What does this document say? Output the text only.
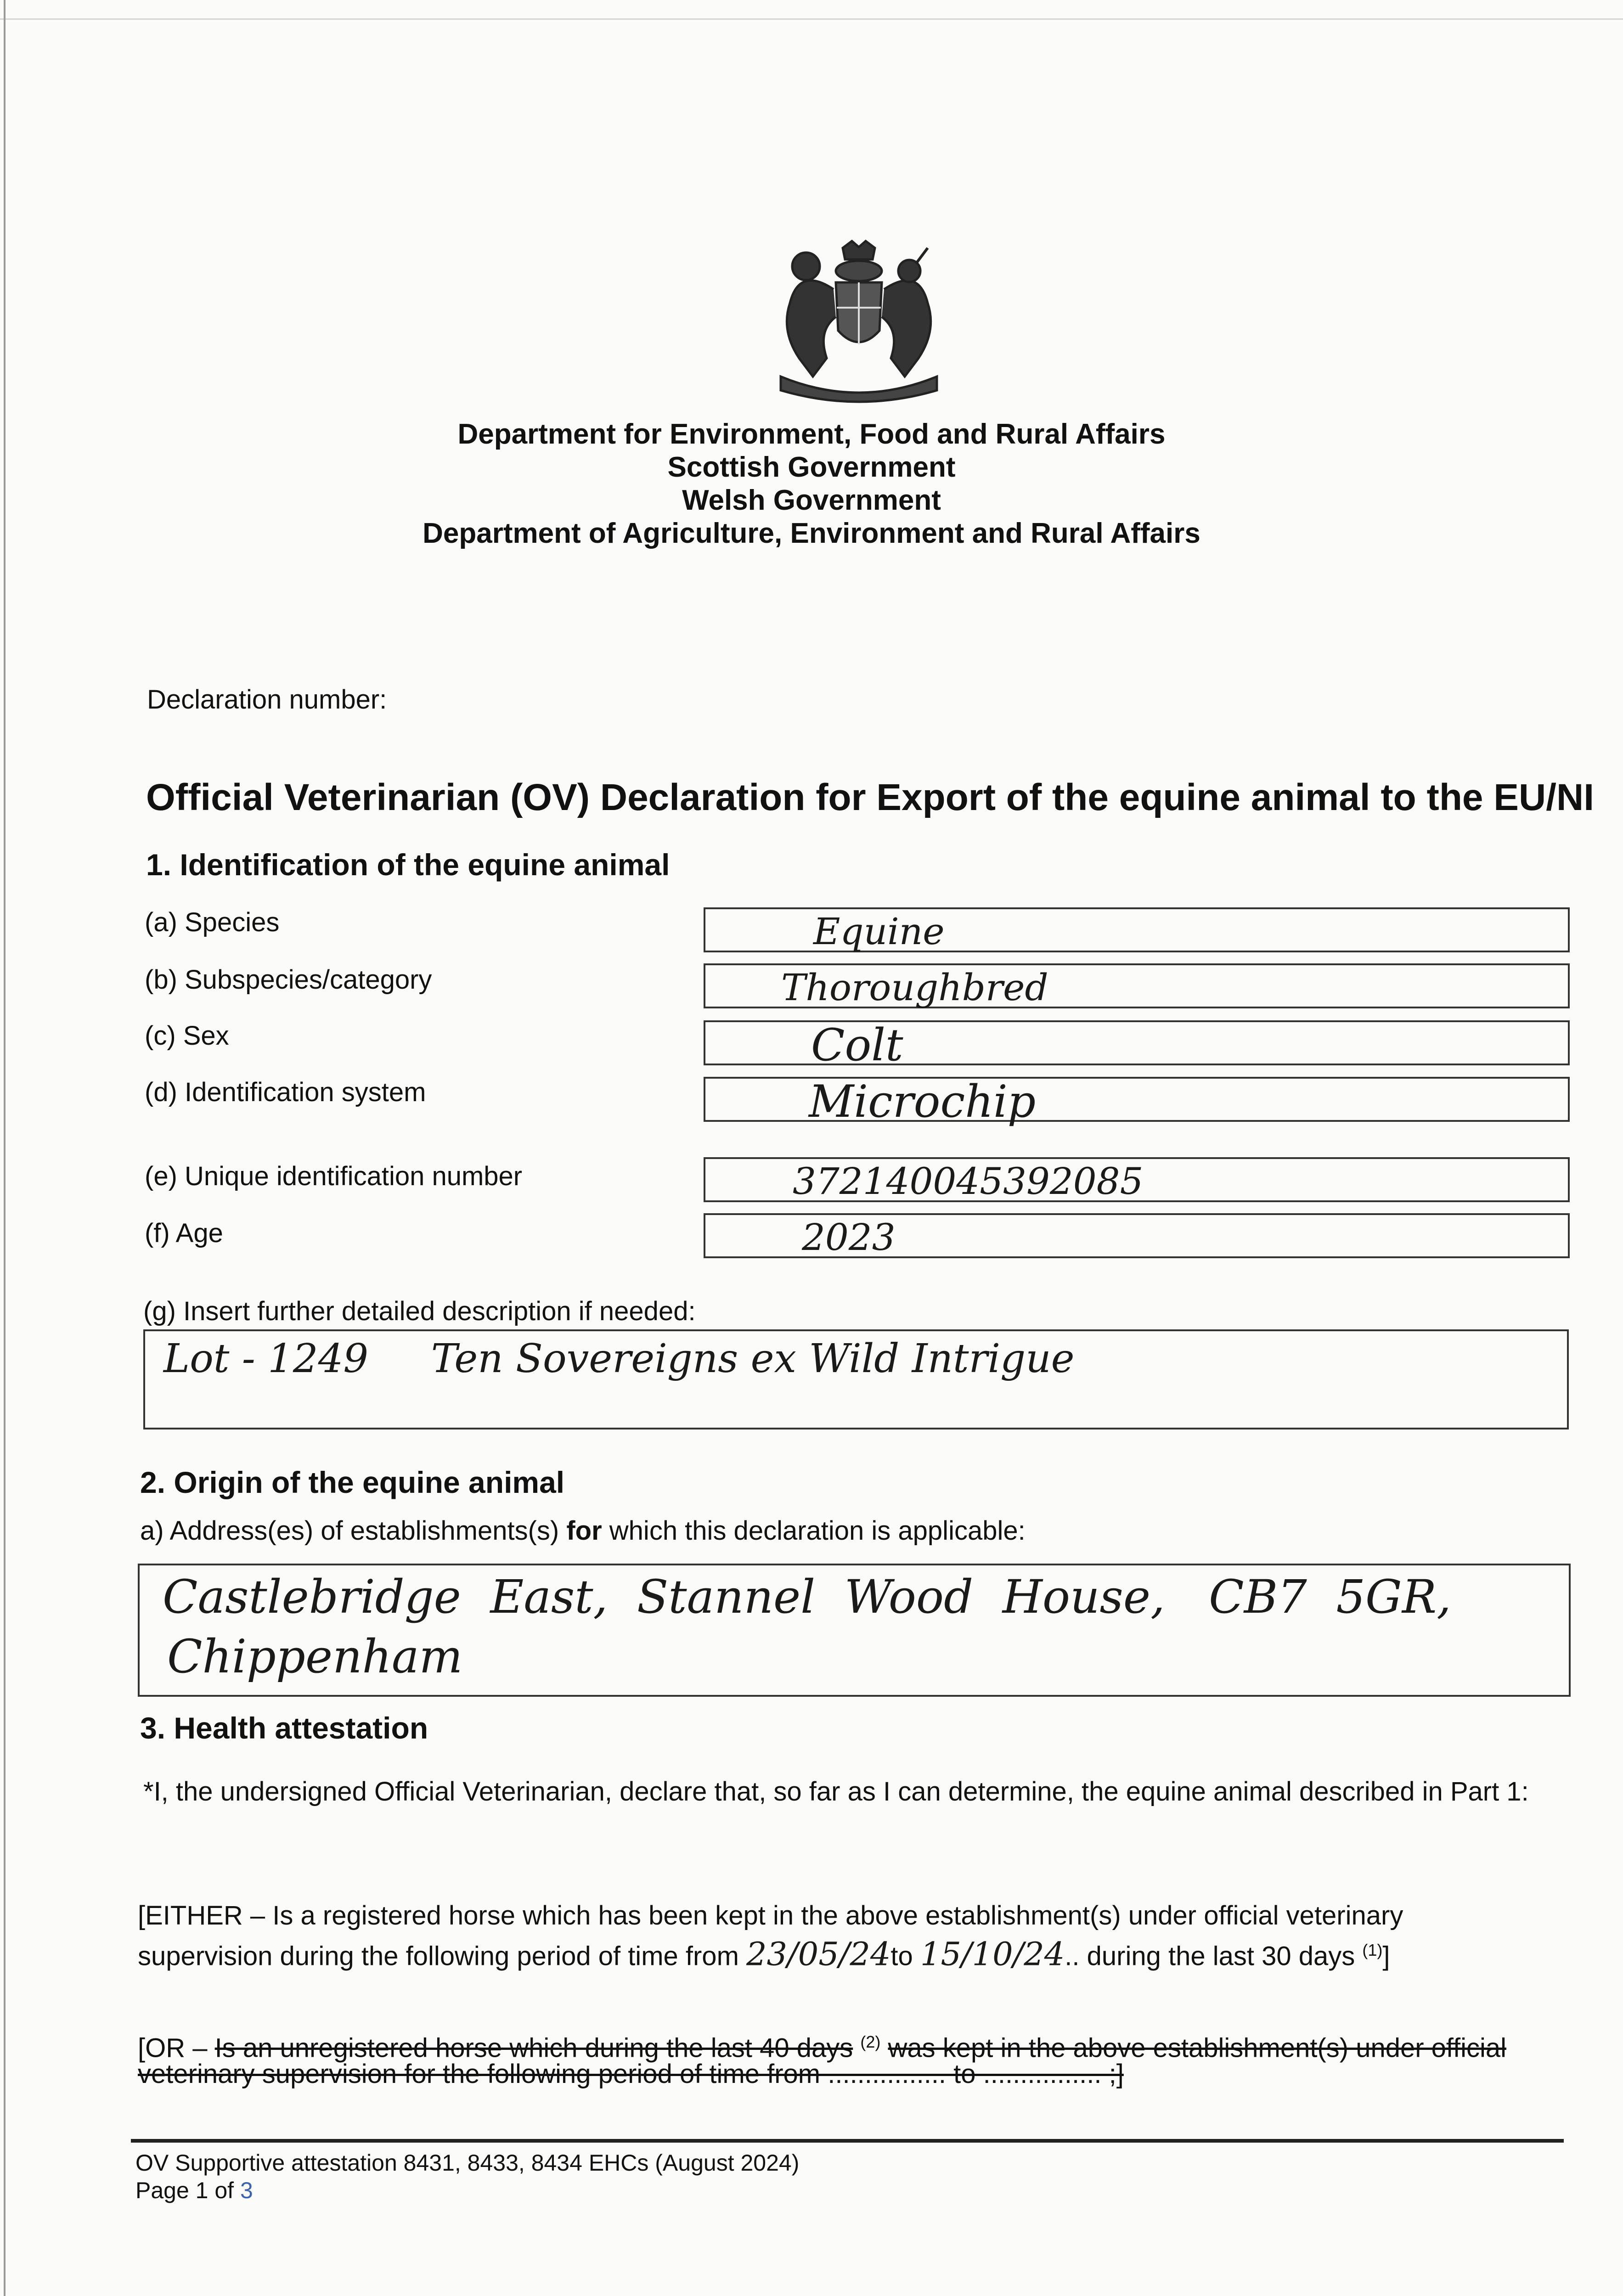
Department for Environment, Food and Rural Affairs
Scottish Government
Welsh Government
Department of Agriculture, Environment and Rural Affairs
Declaration number:
Official Veterinarian (OV) Declaration for Export of the equine animal to the EU/NI
1. Identification of the equine animal
(a) Species	Equine
(b) Subspecies/category	Thoroughbred
(c) Sex	Colt
(d) Identification system	Microchip
(e) Unique identification number	372140045392085
(f) Age	2023
(g) Insert further detailed description if needed:
Lot - 1249     Ten Sovereigns ex Wild Intrigue
2. Origin of the equine animal
a) Address(es) of establishments(s) for which this declaration is applicable:
Castlebridge  East,  Stannel  Wood  House,   CB7  5GR,
Chippenham
3. Health attestation
*I, the undersigned Official Veterinarian, declare that, so far as I can determine, the equine animal described in Part 1:
[EITHER – Is a registered horse which has been kept in the above establishment(s) under official veterinary
supervision during the following period of time from 23/05/24to 15/10/24.. during the last 30 days $^{(1)}$]
[OR – Is an unregistered horse which during the last 40 days $^{(2)}$ was kept in the above establishment(s) under official
veterinary supervision for the following period of time from ................ to ................ ;]
OV Supportive attestation 8431, 8433, 8434 EHCs (August 2024)
Page 1 of 3
